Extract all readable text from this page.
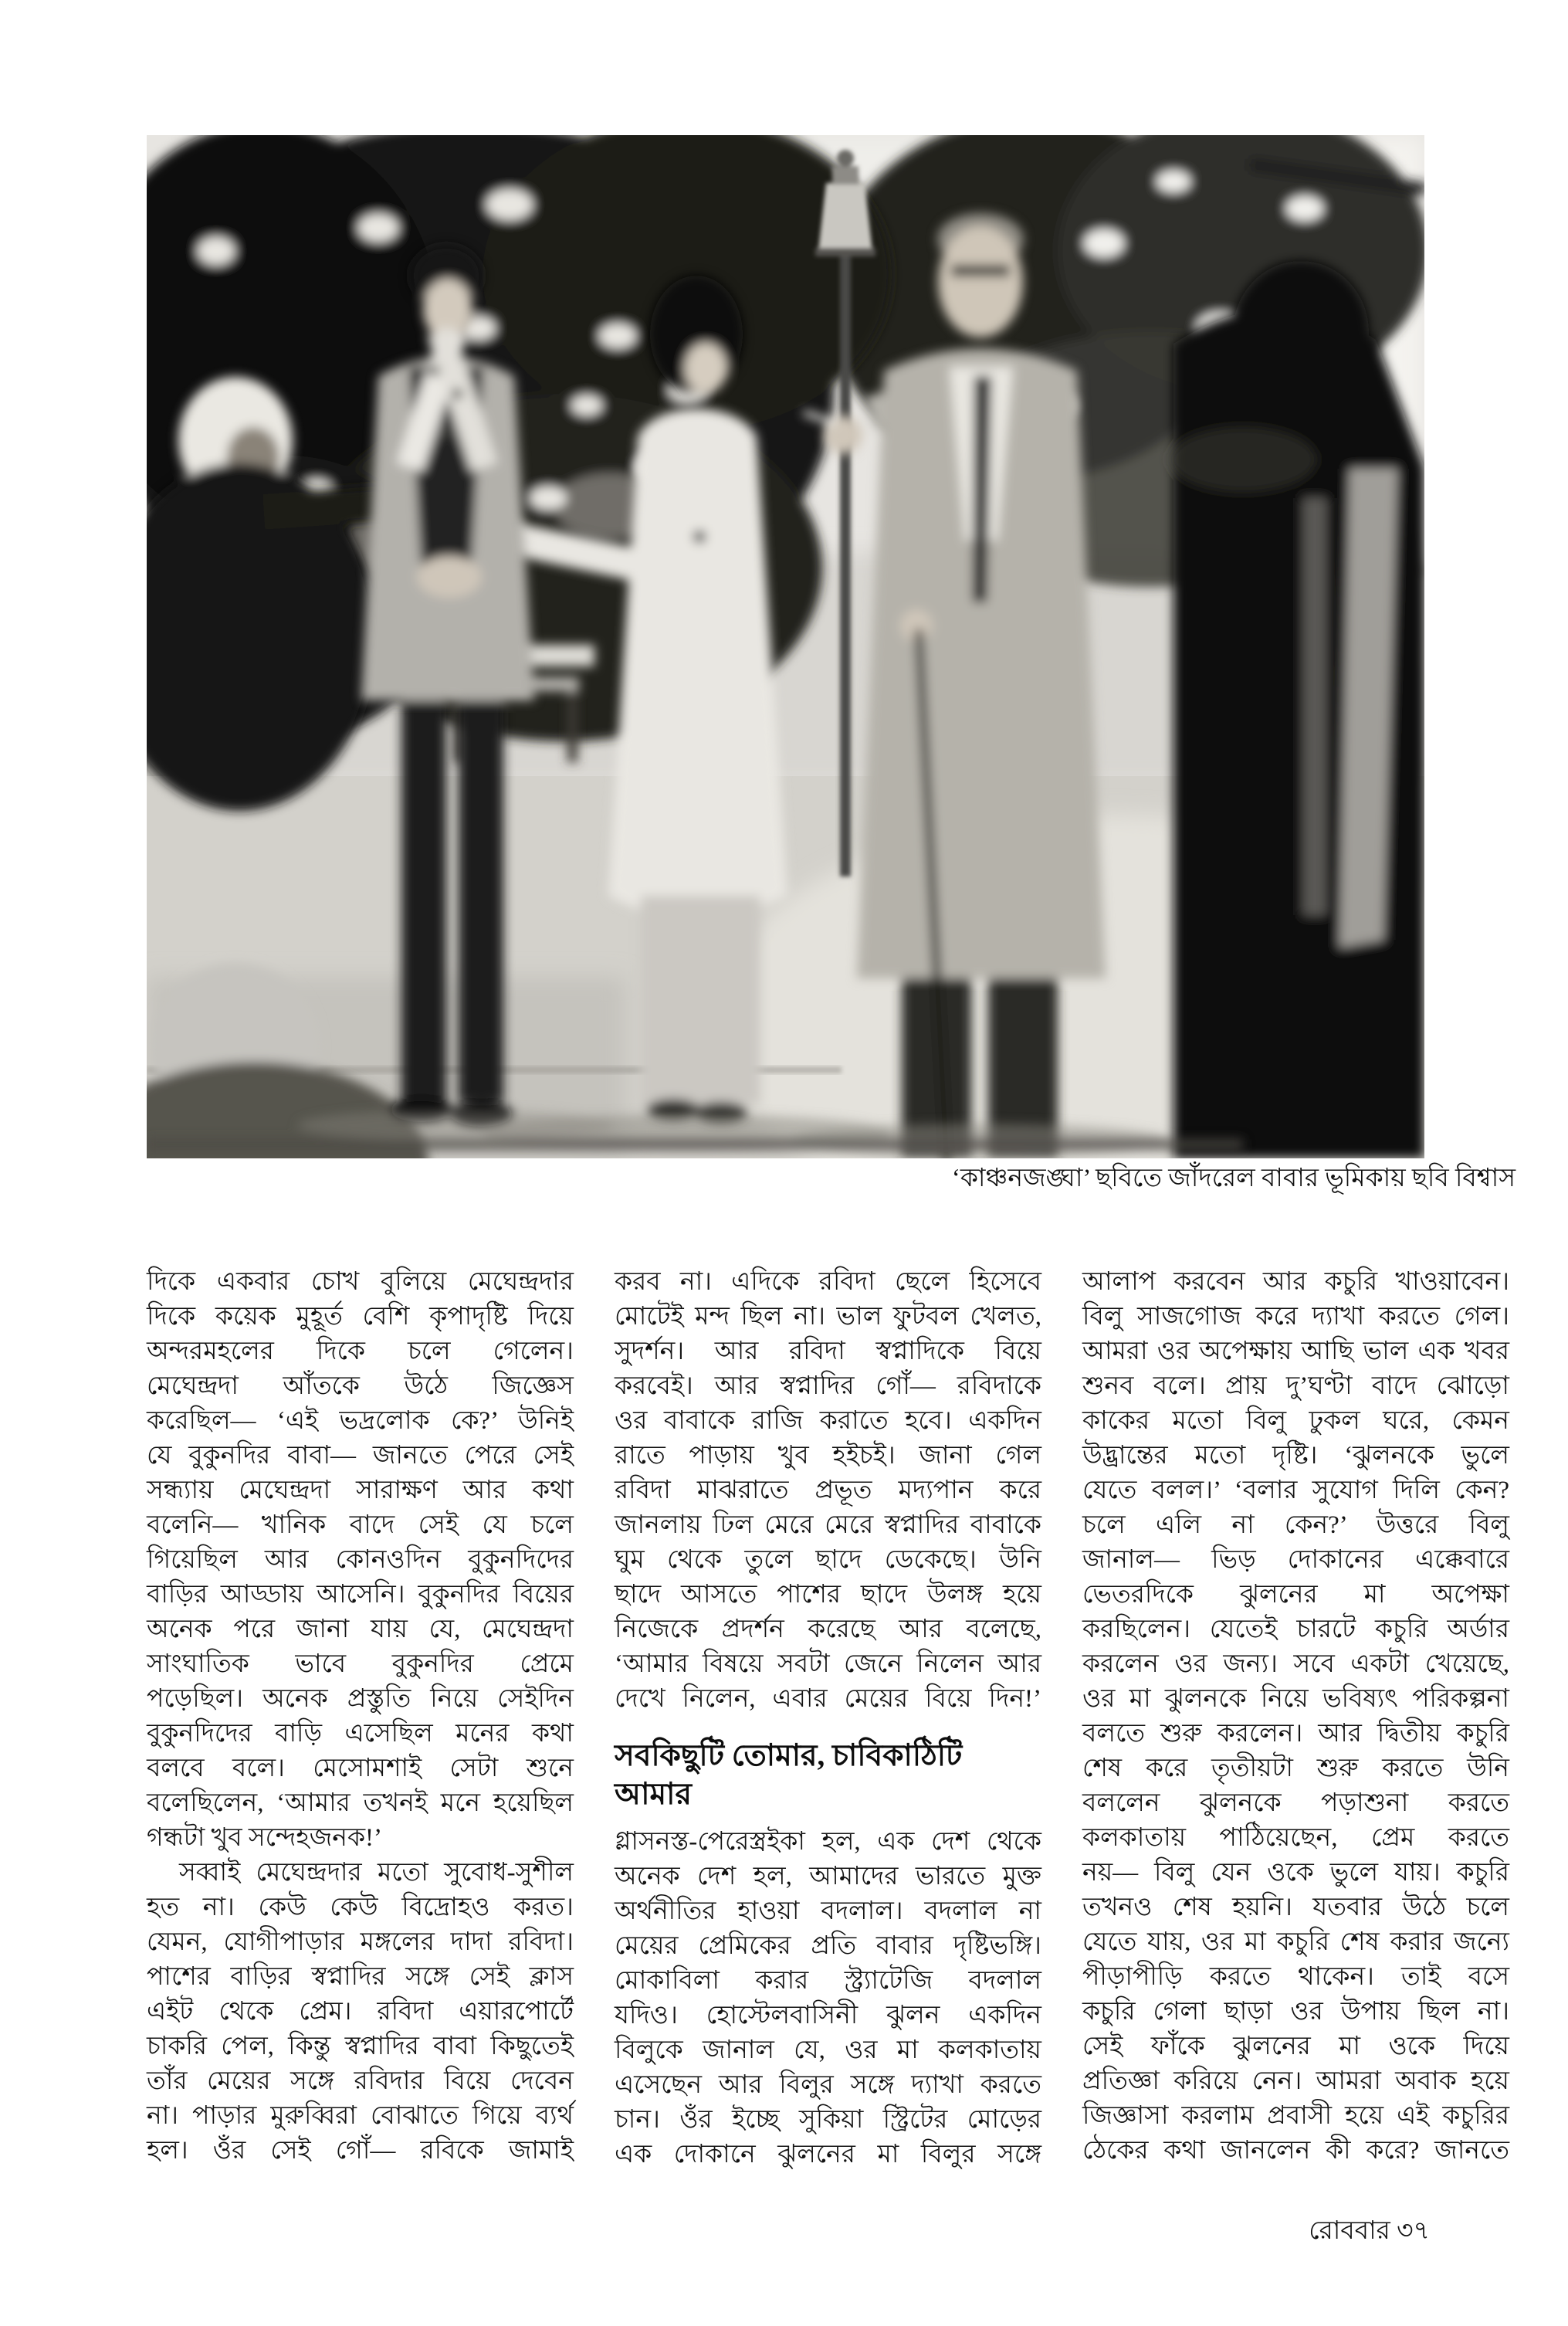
‘কাঞ্চনজঙ্ঘা’ ছবিতে জাঁদরেল বাবার ভূমিকায় ছবি বিশ্বাস
দিকে একবার চোখ বুলিয়ে মেঘেন্দ্রদার
দিকে কয়েক মুহূর্ত বেশি কৃপাদৃষ্টি দিয়ে
অন্দরমহলের দিকে চলে গেলেন।
মেঘেন্দ্রদা আঁতকে উঠে জিজ্ঞেস
করেছিল— ‘এই ভদ্রলোক কে?’ উনিই
যে বুকুনদির বাবা— জানতে পেরে সেই
সন্ধ্যায় মেঘেন্দ্রদা সারাক্ষণ আর কথা
বলেনি— খানিক বাদে সেই যে চলে
গিয়েছিল আর কোনওদিন বুকুনদিদের
বাড়ির আড্ডায় আসেনি। বুকুনদির বিয়ের
অনেক পরে জানা যায় যে, মেঘেন্দ্রদা
সাংঘাতিক ভাবে বুকুনদির প্রেমে
পড়েছিল। অনেক প্রস্তুতি নিয়ে সেইদিন
বুকুনদিদের বাড়ি এসেছিল মনের কথা
বলবে বলে। মেসোমশাই সেটা শুনে
বলেছিলেন, ‘আমার তখনই মনে হয়েছিল
গন্ধটা খুব সন্দেহজনক!’
সব্বাই মেঘেন্দ্রদার মতো সুবোধ-সুশীল
হত না। কেউ কেউ বিদ্রোহও করত।
যেমন, যোগীপাড়ার মঙ্গলের দাদা রবিদা।
পাশের বাড়ির স্বপ্নাদির সঙ্গে সেই ক্লাস
এইট থেকে প্রেম। রবিদা এয়ারপোর্টে
চাকরি পেল, কিন্তু স্বপ্নাদির বাবা কিছুতেই
তাঁর মেয়ের সঙ্গে রবিদার বিয়ে দেবেন
না। পাড়ার মুরুব্বিরা বোঝাতে গিয়ে ব্যর্থ
হল। ওঁর সেই গোঁ— রবিকে জামাই
করব না। এদিকে রবিদা ছেলে হিসেবে
মোটেই মন্দ ছিল না। ভাল ফুটবল খেলত,
সুদর্শন। আর রবিদা স্বপ্নাদিকে বিয়ে
করবেই। আর স্বপ্নাদির গোঁ— রবিদাকে
ওর বাবাকে রাজি করাতে হবে। একদিন
রাতে পাড়ায় খুব হইচই। জানা গেল
রবিদা মাঝরাতে প্রভূত মদ্যপান করে
জানলায় ঢিল মেরে মেরে স্বপ্নাদির বাবাকে
ঘুম থেকে তুলে ছাদে ডেকেছে। উনি
ছাদে আসতে পাশের ছাদে উলঙ্গ হয়ে
নিজেকে প্রদর্শন করেছে আর বলেছে,
‘আমার বিষয়ে সবটা জেনে নিলেন আর
দেখে নিলেন, এবার মেয়ের বিয়ে দিন!’
সবকিছুটি তোমার, চাবিকাঠিটি
আমার
গ্লাসনস্ত-পেরেস্ত্রইকা হল, এক দেশ থেকে
অনেক দেশ হল, আমাদের ভারতে মুক্ত
অর্থনীতির হাওয়া বদলাল। বদলাল না
মেয়ের প্রেমিকের প্রতি বাবার দৃষ্টিভঙ্গি।
মোকাবিলা করার স্ট্র্যাটেজি বদলাল
যদিও। হোস্টেলবাসিনী ঝুলন একদিন
বিলুকে জানাল যে, ওর মা কলকাতায়
এসেছেন আর বিলুর সঙ্গে দ্যাখা করতে
চান। ওঁর ইচ্ছে সুকিয়া স্ট্রিটের মোড়ের
এক দোকানে ঝুলনের মা বিলুর সঙ্গে
আলাপ করবেন আর কচুরি খাওয়াবেন।
বিলু সাজগোজ করে দ্যাখা করতে গেল।
আমরা ওর অপেক্ষায় আছি ভাল এক খবর
শুনব বলে। প্রায় দু’ঘণ্টা বাদে ঝোড়ো
কাকের মতো বিলু ঢুকল ঘরে, কেমন
উদ্ভ্রান্তের মতো দৃষ্টি। ‘ঝুলনকে ভুলে
যেতে বলল।’ ‘বলার সুযোগ দিলি কেন?
চলে এলি না কেন?’ উত্তরে বিলু
জানাল— ভিড় দোকানের এক্কেবারে
ভেতরদিকে ঝুলনের মা অপেক্ষা
করছিলেন। যেতেই চারটে কচুরি অর্ডার
করলেন ওর জন্য। সবে একটা খেয়েছে,
ওর মা ঝুলনকে নিয়ে ভবিষ্যৎ পরিকল্পনা
বলতে শুরু করলেন। আর দ্বিতীয় কচুরি
শেষ করে তৃতীয়টা শুরু করতে উনি
বললেন ঝুলনকে পড়াশুনা করতে
কলকাতায় পাঠিয়েছেন, প্রেম করতে
নয়— বিলু যেন ওকে ভুলে যায়। কচুরি
তখনও শেষ হয়নি। যতবার উঠে চলে
যেতে যায়, ওর মা কচুরি শেষ করার জন্যে
পীড়াপীড়ি করতে থাকেন। তাই বসে
কচুরি গেলা ছাড়া ওর উপায় ছিল না।
সেই ফাঁকে ঝুলনের মা ওকে দিয়ে
প্রতিজ্ঞা করিয়ে নেন। আমরা অবাক হয়ে
জিজ্ঞাসা করলাম প্রবাসী হয়ে এই কচুরির
ঠেকের কথা জানলেন কী করে? জানতে
রোববার ৩৭
